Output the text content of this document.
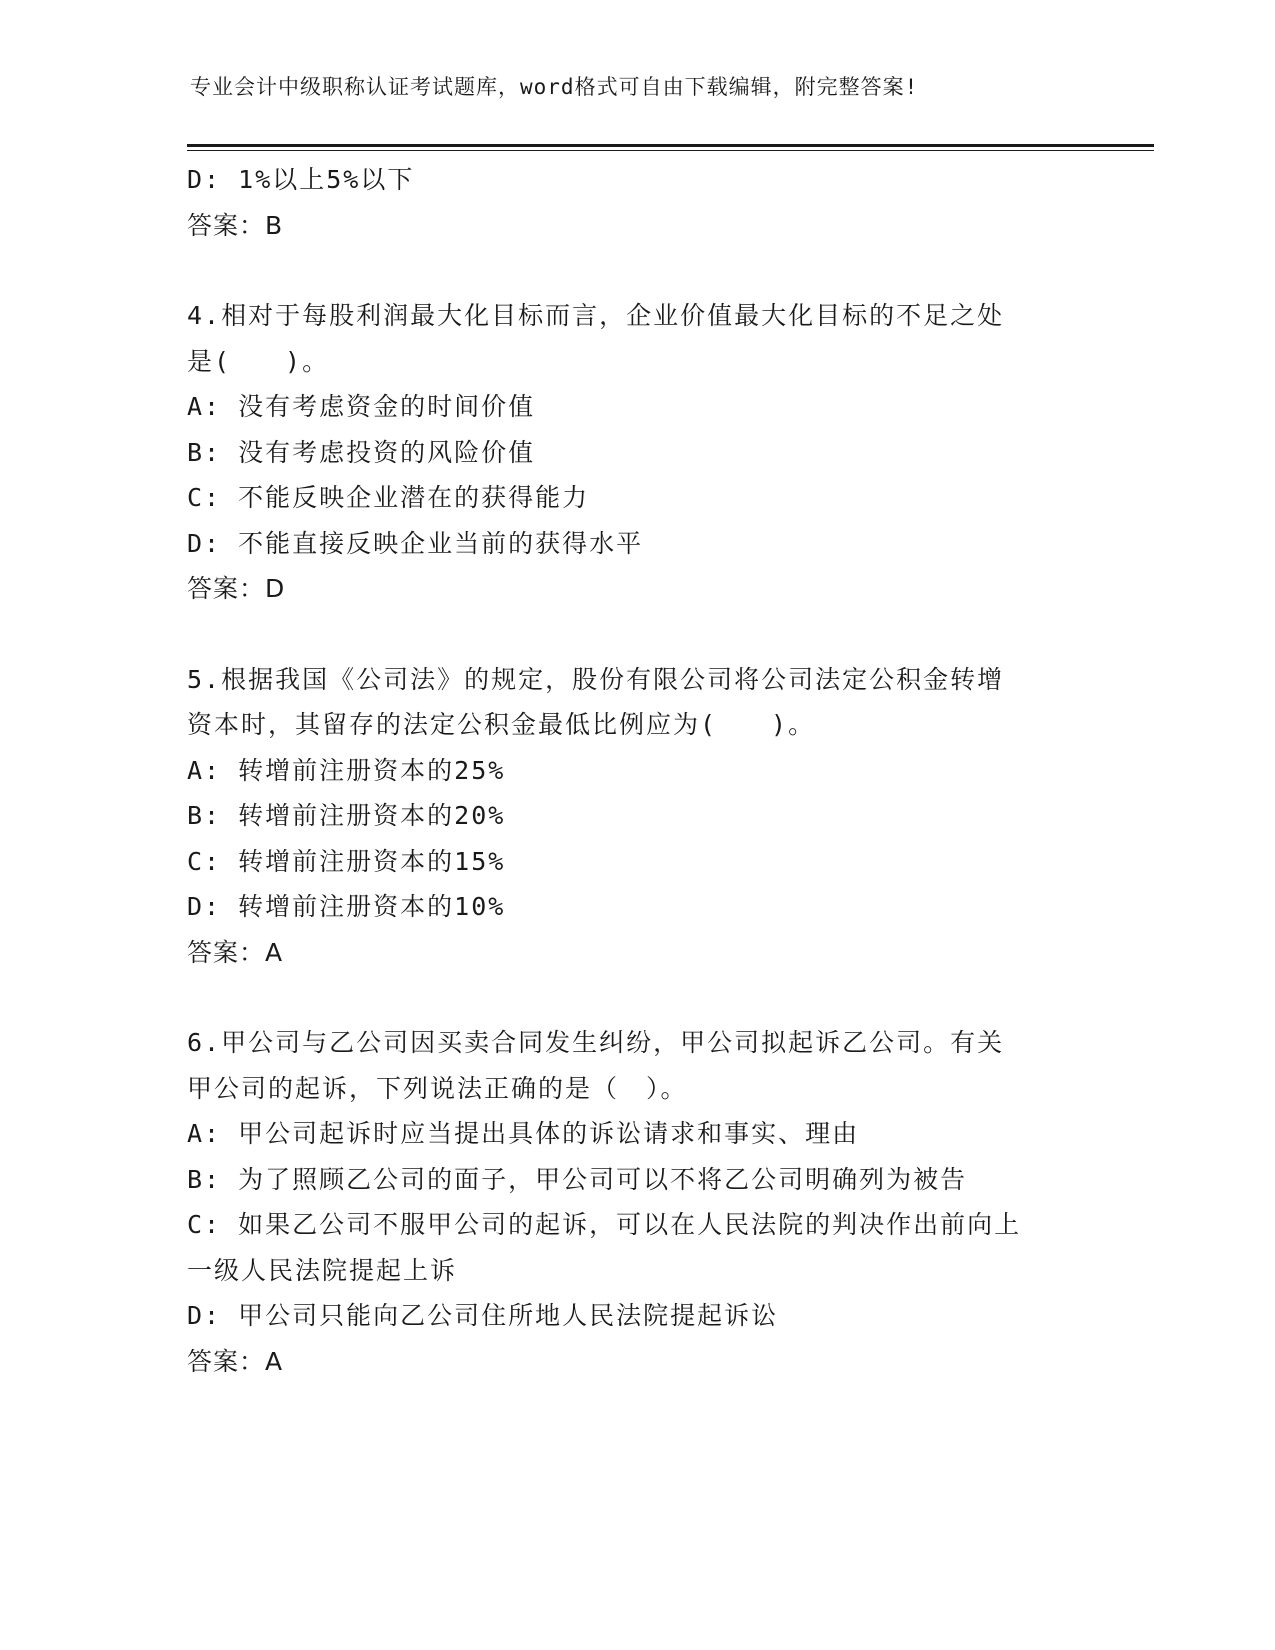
专业会计中级职称认证考试题库，word格式可自由下载编辑，附完整答案!
D: 1%以上5%以下
答案：B
4.相对于每股利润最大化目标而言，企业价值最大化目标的不足之处
是(　　)。
A: 没有考虑资金的时间价值
B: 没有考虑投资的风险价值
C: 不能反映企业潜在的获得能力
D: 不能直接反映企业当前的获得水平
答案：D
5.根据我国《公司法》的规定，股份有限公司将公司法定公积金转增
资本时，其留存的法定公积金最低比例应为(　　)。
A: 转增前注册资本的25%
B: 转增前注册资本的20%
C: 转增前注册资本的15%
D: 转增前注册资本的10%
答案：A
6.甲公司与乙公司因买卖合同发生纠纷，甲公司拟起诉乙公司。有关
甲公司的起诉，下列说法正确的是（　）。
A: 甲公司起诉时应当提出具体的诉讼请求和事实、理由
B: 为了照顾乙公司的面子，甲公司可以不将乙公司明确列为被告
C: 如果乙公司不服甲公司的起诉，可以在人民法院的判决作出前向上
一级人民法院提起上诉
D: 甲公司只能向乙公司住所地人民法院提起诉讼
答案：A
